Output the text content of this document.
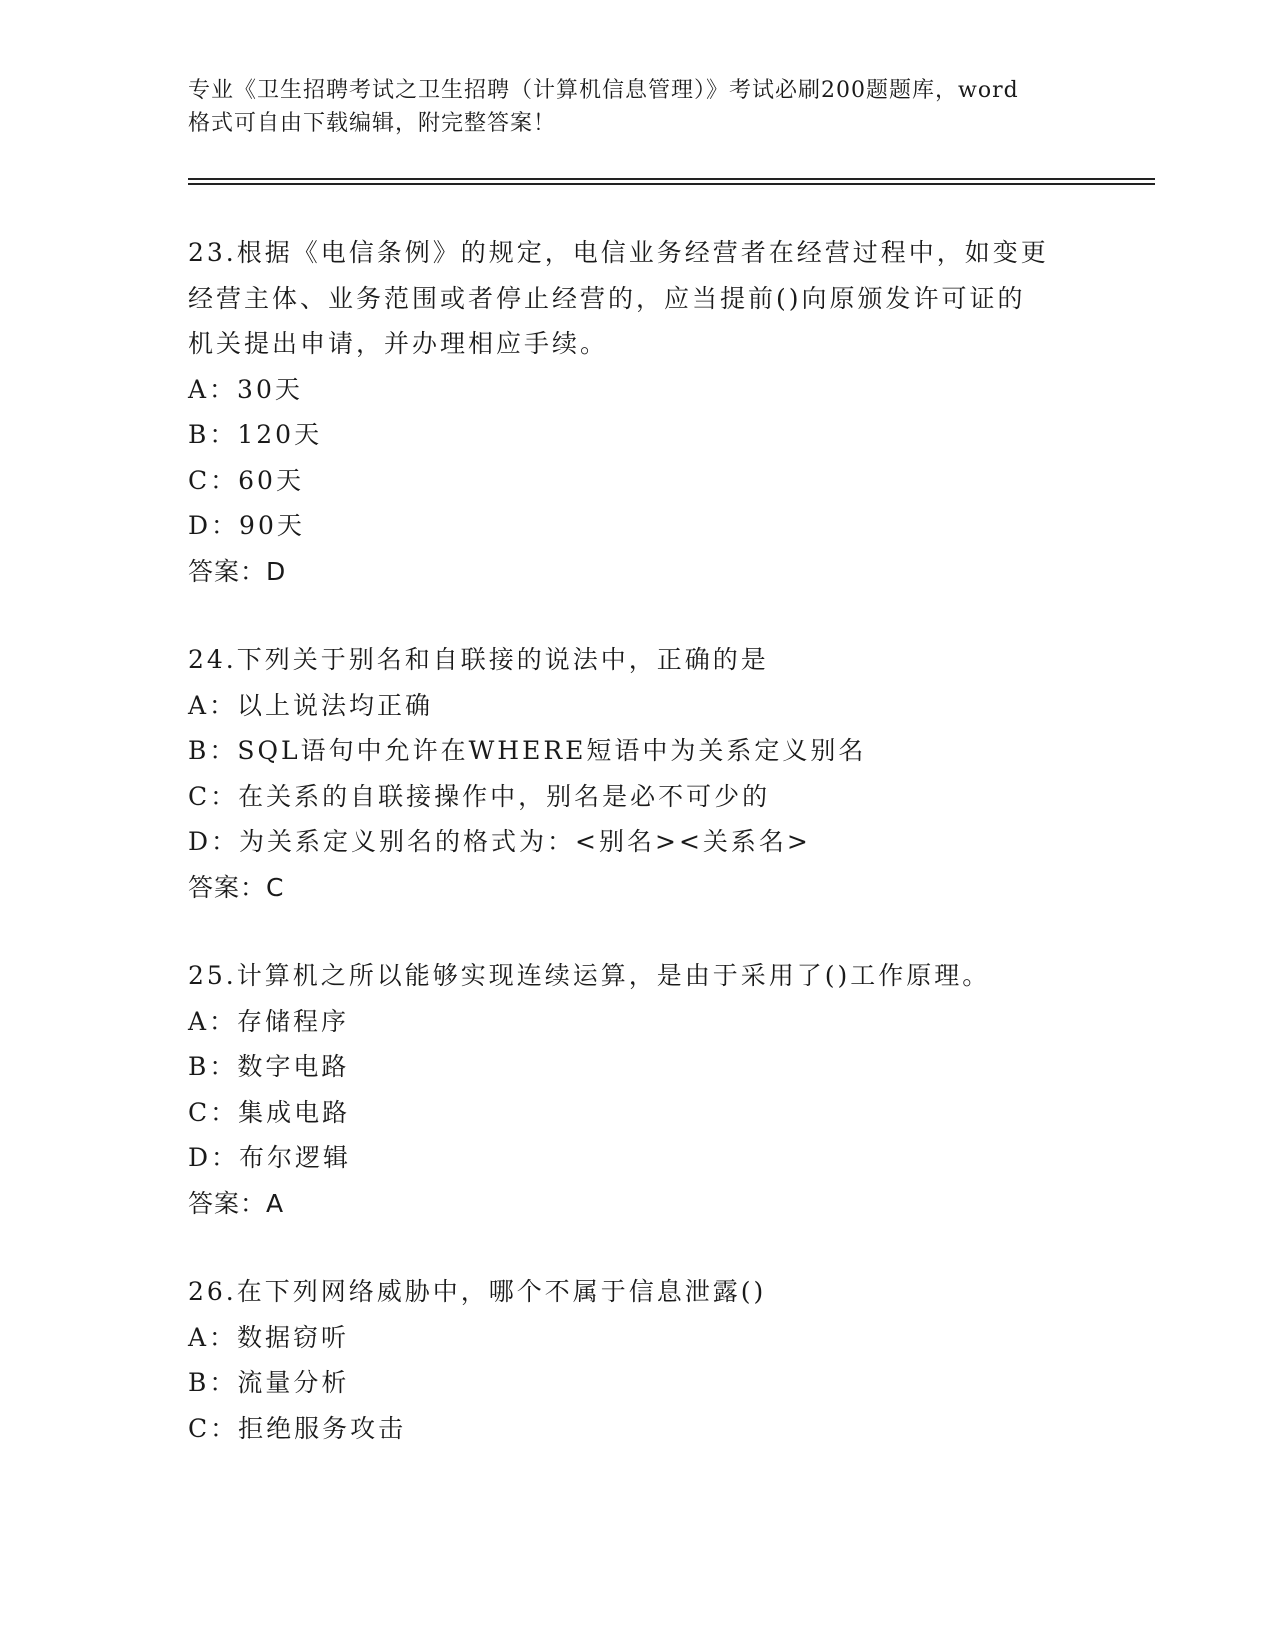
专业《卫生招聘考试之卫生招聘（计算机信息管理）》考试必刷200题题库，word
格式可自由下载编辑，附完整答案！
23.根据《电信条例》的规定，电信业务经营者在经营过程中，如变更
经营主体、业务范围或者停止经营的，应当提前()向原颁发许可证的
机关提出申请，并办理相应手续。
A：30天
B：120天
C：60天
D：90天
答案：D
24.下列关于别名和自联接的说法中，正确的是
A：以上说法均正确
B：SQL语句中允许在WHERE短语中为关系定义别名
C：在关系的自联接操作中，别名是必不可少的
D：为关系定义别名的格式为：<别名><关系名>
答案：C
25.计算机之所以能够实现连续运算，是由于采用了()工作原理。
A：存储程序
B：数字电路
C：集成电路
D：布尔逻辑
答案：A
26.在下列网络威胁中，哪个不属于信息泄露()
A：数据窃听
B：流量分析
C：拒绝服务攻击
